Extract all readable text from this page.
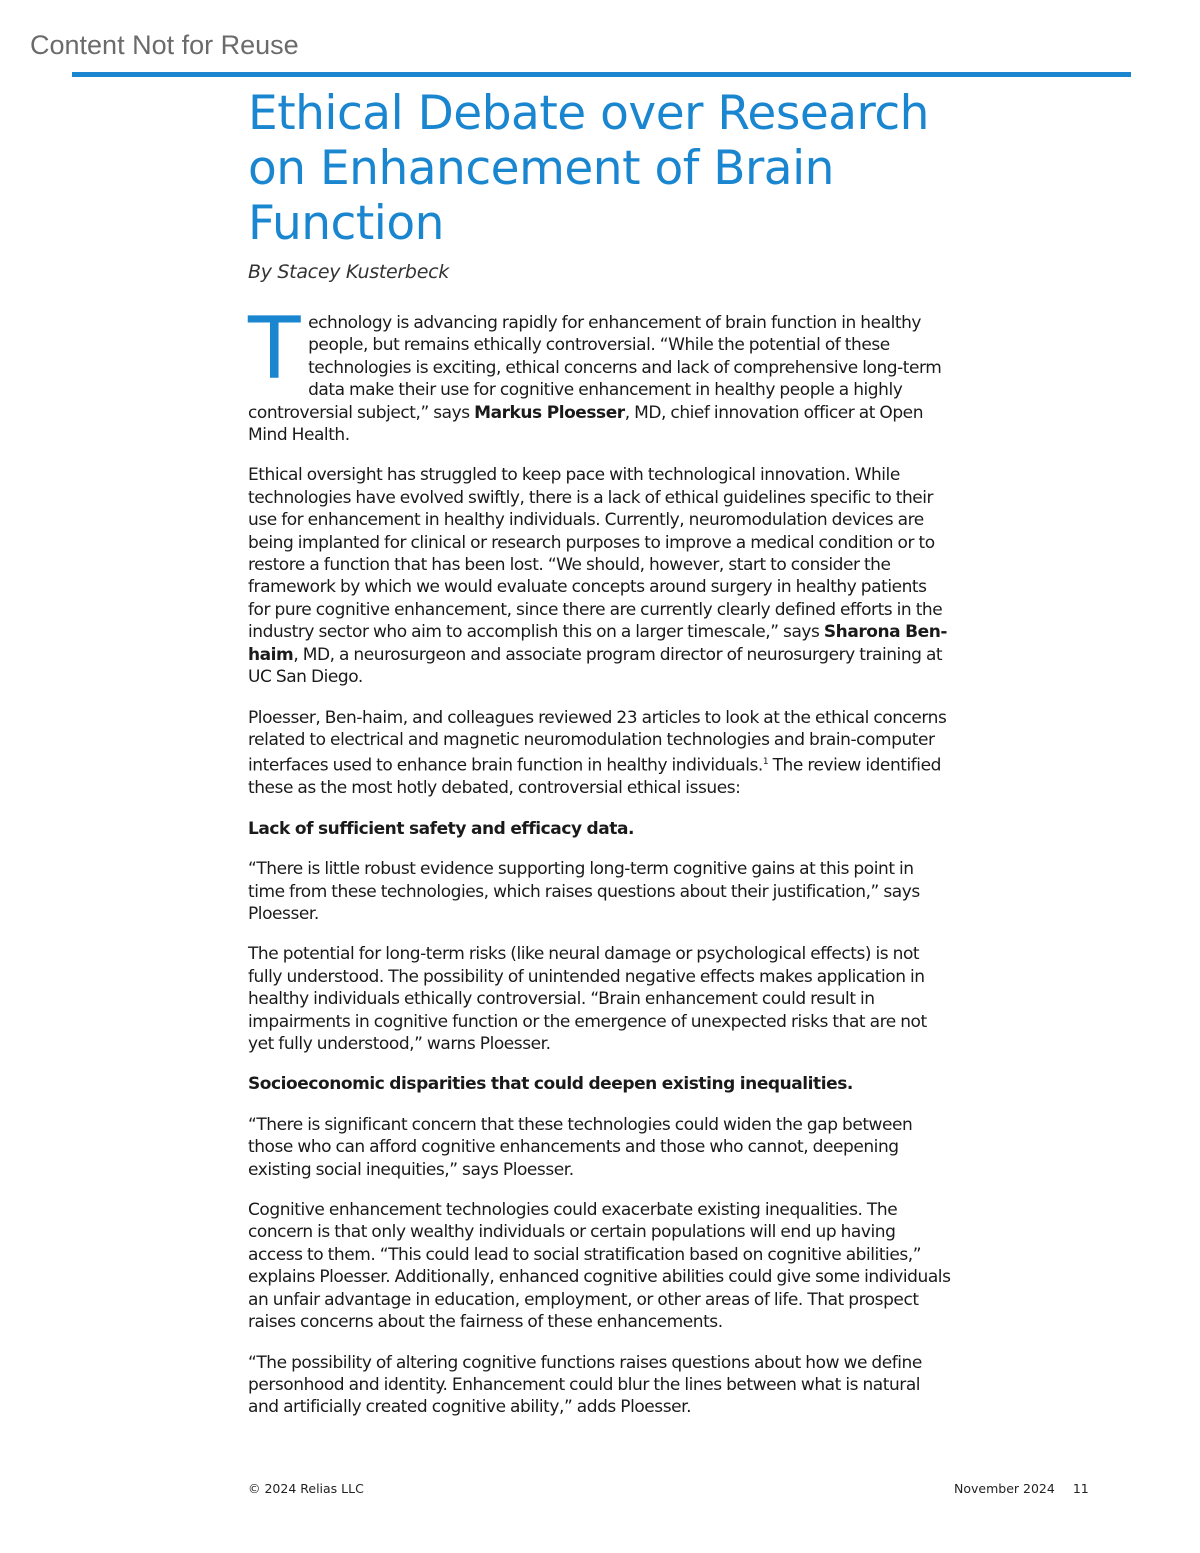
Content Not for Reuse
Ethical Debate over Research on Enhancement of Brain Function
By Stacey Kusterbeck

Technology is advancing rapidly for enhancement of brain function in healthy people, but remains ethically controversial. “While the potential of these technologies is exciting, ethical concerns and lack of comprehensive long-term data make their use for cognitive enhancement in healthy people a highly controversial subject,” says Markus Ploesser, MD, chief innovation officer at Open Mind Health.

Ethical oversight has struggled to keep pace with technological innovation. While technologies have evolved swiftly, there is a lack of ethical guidelines specific to their use for enhancement in healthy individuals. Currently, neuromodulation devices are being implanted for clinical or research purposes to improve a medical condition or to restore a function that has been lost. “We should, however, start to consider the framework by which we would evaluate concepts around surgery in healthy patients for pure cognitive enhancement, since there are currently clearly defined efforts in the industry sector who aim to accomplish this on a larger timescale,” says Sharona Ben-haim, MD, a neurosurgeon and associate program director of neurosurgery training at UC San Diego.

Ploesser, Ben-haim, and colleagues reviewed 23 articles to look at the ethical concerns related to electrical and magnetic neuromodulation technologies and brain-computer interfaces used to enhance brain function in healthy individuals.$^1$ The review identified these as the most hotly debated, controversial ethical issues:

Lack of sufficient safety and efficacy data.

“There is little robust evidence supporting long-term cognitive gains at this point in time from these technologies, which raises questions about their justification,” says Ploesser.

The potential for long-term risks (like neural damage or psychological effects) is not fully understood. The possibility of unintended negative effects makes application in healthy individuals ethically controversial. “Brain enhancement could result in impairments in cognitive function or the emergence of unexpected risks that are not yet fully understood,” warns Ploesser.

Socioeconomic disparities that could deepen existing inequalities.

“There is significant concern that these technologies could widen the gap between those who can afford cognitive enhancements and those who cannot, deepening existing social inequities,” says Ploesser.

Cognitive enhancement technologies could exacerbate existing inequalities. The concern is that only wealthy individuals or certain populations will end up having access to them. “This could lead to social stratification based on cognitive abilities,” explains Ploesser. Additionally, enhanced cognitive abilities could give some individuals an unfair advantage in education, employment, or other areas of life. That prospect raises concerns about the fairness of these enhancements.

“The possibility of altering cognitive functions raises questions about how we define personhood and identity. Enhancement could blur the lines between what is natural and artificially created cognitive ability,” adds Ploesser.

© 2024 Relias LLC	November 2024 11
